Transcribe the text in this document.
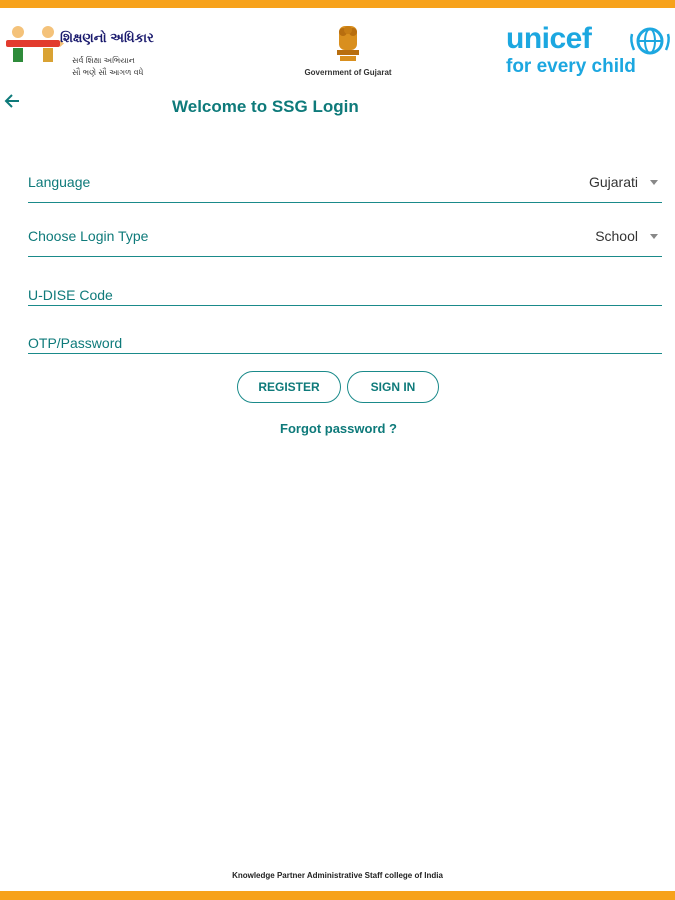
શિક્ષણનો અધિકાર
સર્વ શિક્ષા અભિયાન
સૌ ભણે સૌ આગળ વધે	Government of Gujarat
unicef
for every child
Welcome to SSG Login
Language	Gujarati
Choose Login Type	School
U-DISE Code
OTP/Password
REGISTER	SIGN IN
Forgot password ?
Knowledge Partner Administrative Staff college of India
